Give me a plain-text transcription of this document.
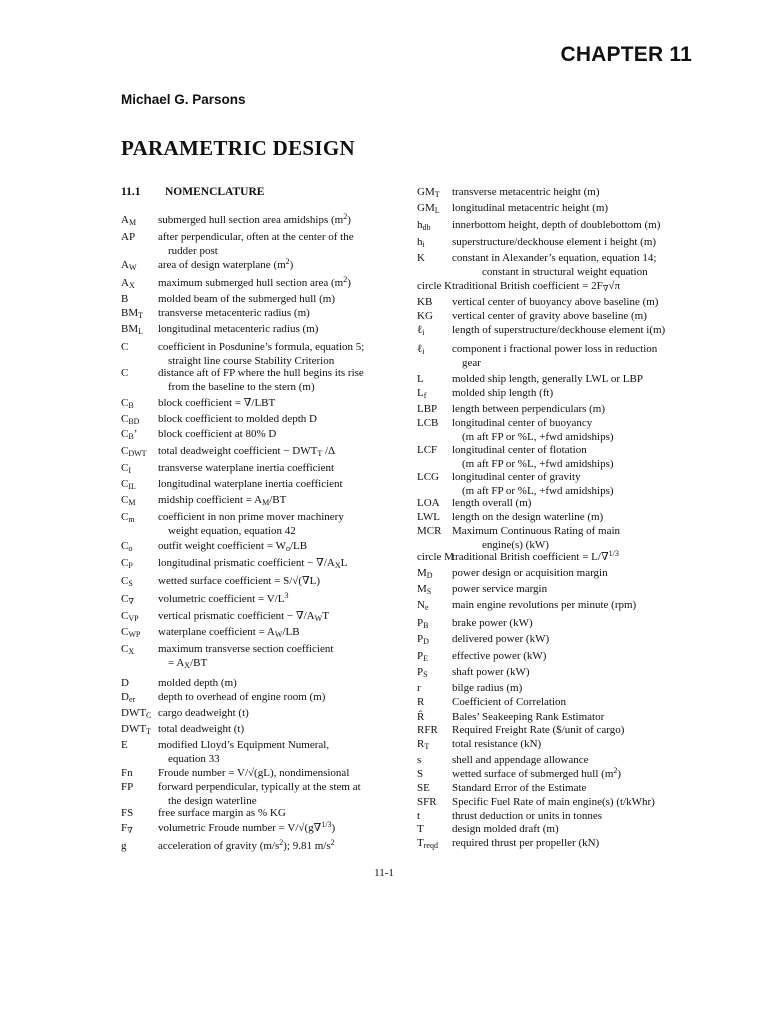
CHAPTER 11
Michael G. Parsons
PARAMETRIC DESIGN
11.1 NOMENCLATURE
$A_M$ submerged hull section area amidships $(m^2)$
AP after perpendicular, often at the center of the
rudder post
$A_W$ area of design waterplane $(m^2)$
$A_X$ maximum submerged hull section area $(m^2)$
B	molded beam of the submerged hull (m)
$BM_T$ transverse metacenteric radius (m)
$BM_L$ longitudinal metacenteric radius (m)
C	coefficient in Posdunine’s formula, equation 5;
straight line course Stability Criterion
C	distance aft of FP where the hull begins its rise
from the baseline to the stern (m)
$C_B$ block coefficient = ∇/LBT
$C_{BD}$ block coefficient to molded depth D
$C_B$’ block coefficient at 80% D
$C_{DWT}$ total deadweight coefficient − $DWT_T$ /Δ
$C_I$ transverse waterplane inertia coefficient
$C_{IL}$ longitudinal waterplane inertia coefficient
$C_M$ midship coefficient = $A_M/BT$
$C_m$ coefficient in non prime mover machinery
weight equation, equation 42
$C_o$ outfit weight coefficient = $W_o/LB$
$C_P$ longitudinal prismatic coefficient − $\nabla/A_XL$
$C_S$ wetted surface coefficient = S/√(∇L)
$C_\nabla$ volumetric coefficient = $V/L^3$
$C_{VP}$ vertical prismatic coefficient − $\nabla/A_WT$
$C_{WP}$ waterplane coefficient = $A_W/LB$
$C_X$ maximum transverse section coefficient
= $A_X/BT$
D	molded depth (m)
$D_{er}$ depth to overhead of engine room (m)
$DWT_C$ cargo deadweight (t)
$DWT_T$ total deadweight (t)
E	modified Lloyd’s Equipment Numeral,
equation 33
Fn Froude number = V/√(gL), nondimensional
FP forward perpendicular, typically at the stem at
the design waterline
FS free surface margin as % KG
$F_\nabla$ volumetric Froude number = V/√(g∇$^{1/3}$)
g	acceleration of gravity $(m/s^2)$; 9.81 $m/s^2$
$GM_T$ transverse metacentric height (m)
$GM_L$ longitudinal metacentric height (m)
$h_{db}$ innerbottom height, depth of doublebottom (m)
$h_i$ superstructure/deckhouse element i height (m)
K constant in Alexander’s equation, equation 14;
constant in structural weight equation
circle K traditional British coefficient = $2F_\nabla√\pi$
KB vertical center of buoyancy above baseline (m)
KG vertical center of gravity above baseline (m)
ℓ$_i$ length of superstructure/deckhouse element i(m)
ℓ$_i$ component i fractional power loss in reduction
gear
L	molded ship length, generally LWL or LBP
$L_f$ molded ship length (ft)
LBP length between perpendiculars (m)
LCB longitudinal center of buoyancy
(m aft FP or %L, +fwd amidships)
LCF longitudinal center of flotation
(m aft FP or %L, +fwd amidships)
LCG longitudinal center of gravity
(m aft FP or %L, +fwd amidships)
LOA length overall (m)
LWL length on the design waterline (m)
MCR Maximum Continuous Rating of main
engine(s) (kW)
circle M
traditional British coefficient = L/∇$^{1/3}$
$M_D$ power design or acquisition margin
$M_S$ power service margin
$N_e$ main engine revolutions per minute (rpm)
$P_B$ brake power (kW)
$P_D$ delivered power (kW)
$P_E$ effective power (kW)
$P_S$ shaft power (kW)
r	bilge radius (m)
R	Coefficient of Correlation
R̂	Bales’ Seakeeping Rank Estimator
RFR Required Freight Rate ($/unit of cargo)
$R_T$ total resistance (kN)
s	shell and appendage allowance
S	wetted surface of submerged hull $(m^2)$
SE Standard Error of the Estimate
SFR Specific Fuel Rate of main engine(s) (t/kWhr)
t	thrust deduction or units in tonnes
T	design molded draft (m)
$T_{reqd}$ required thrust per propeller (kN)
11-1
